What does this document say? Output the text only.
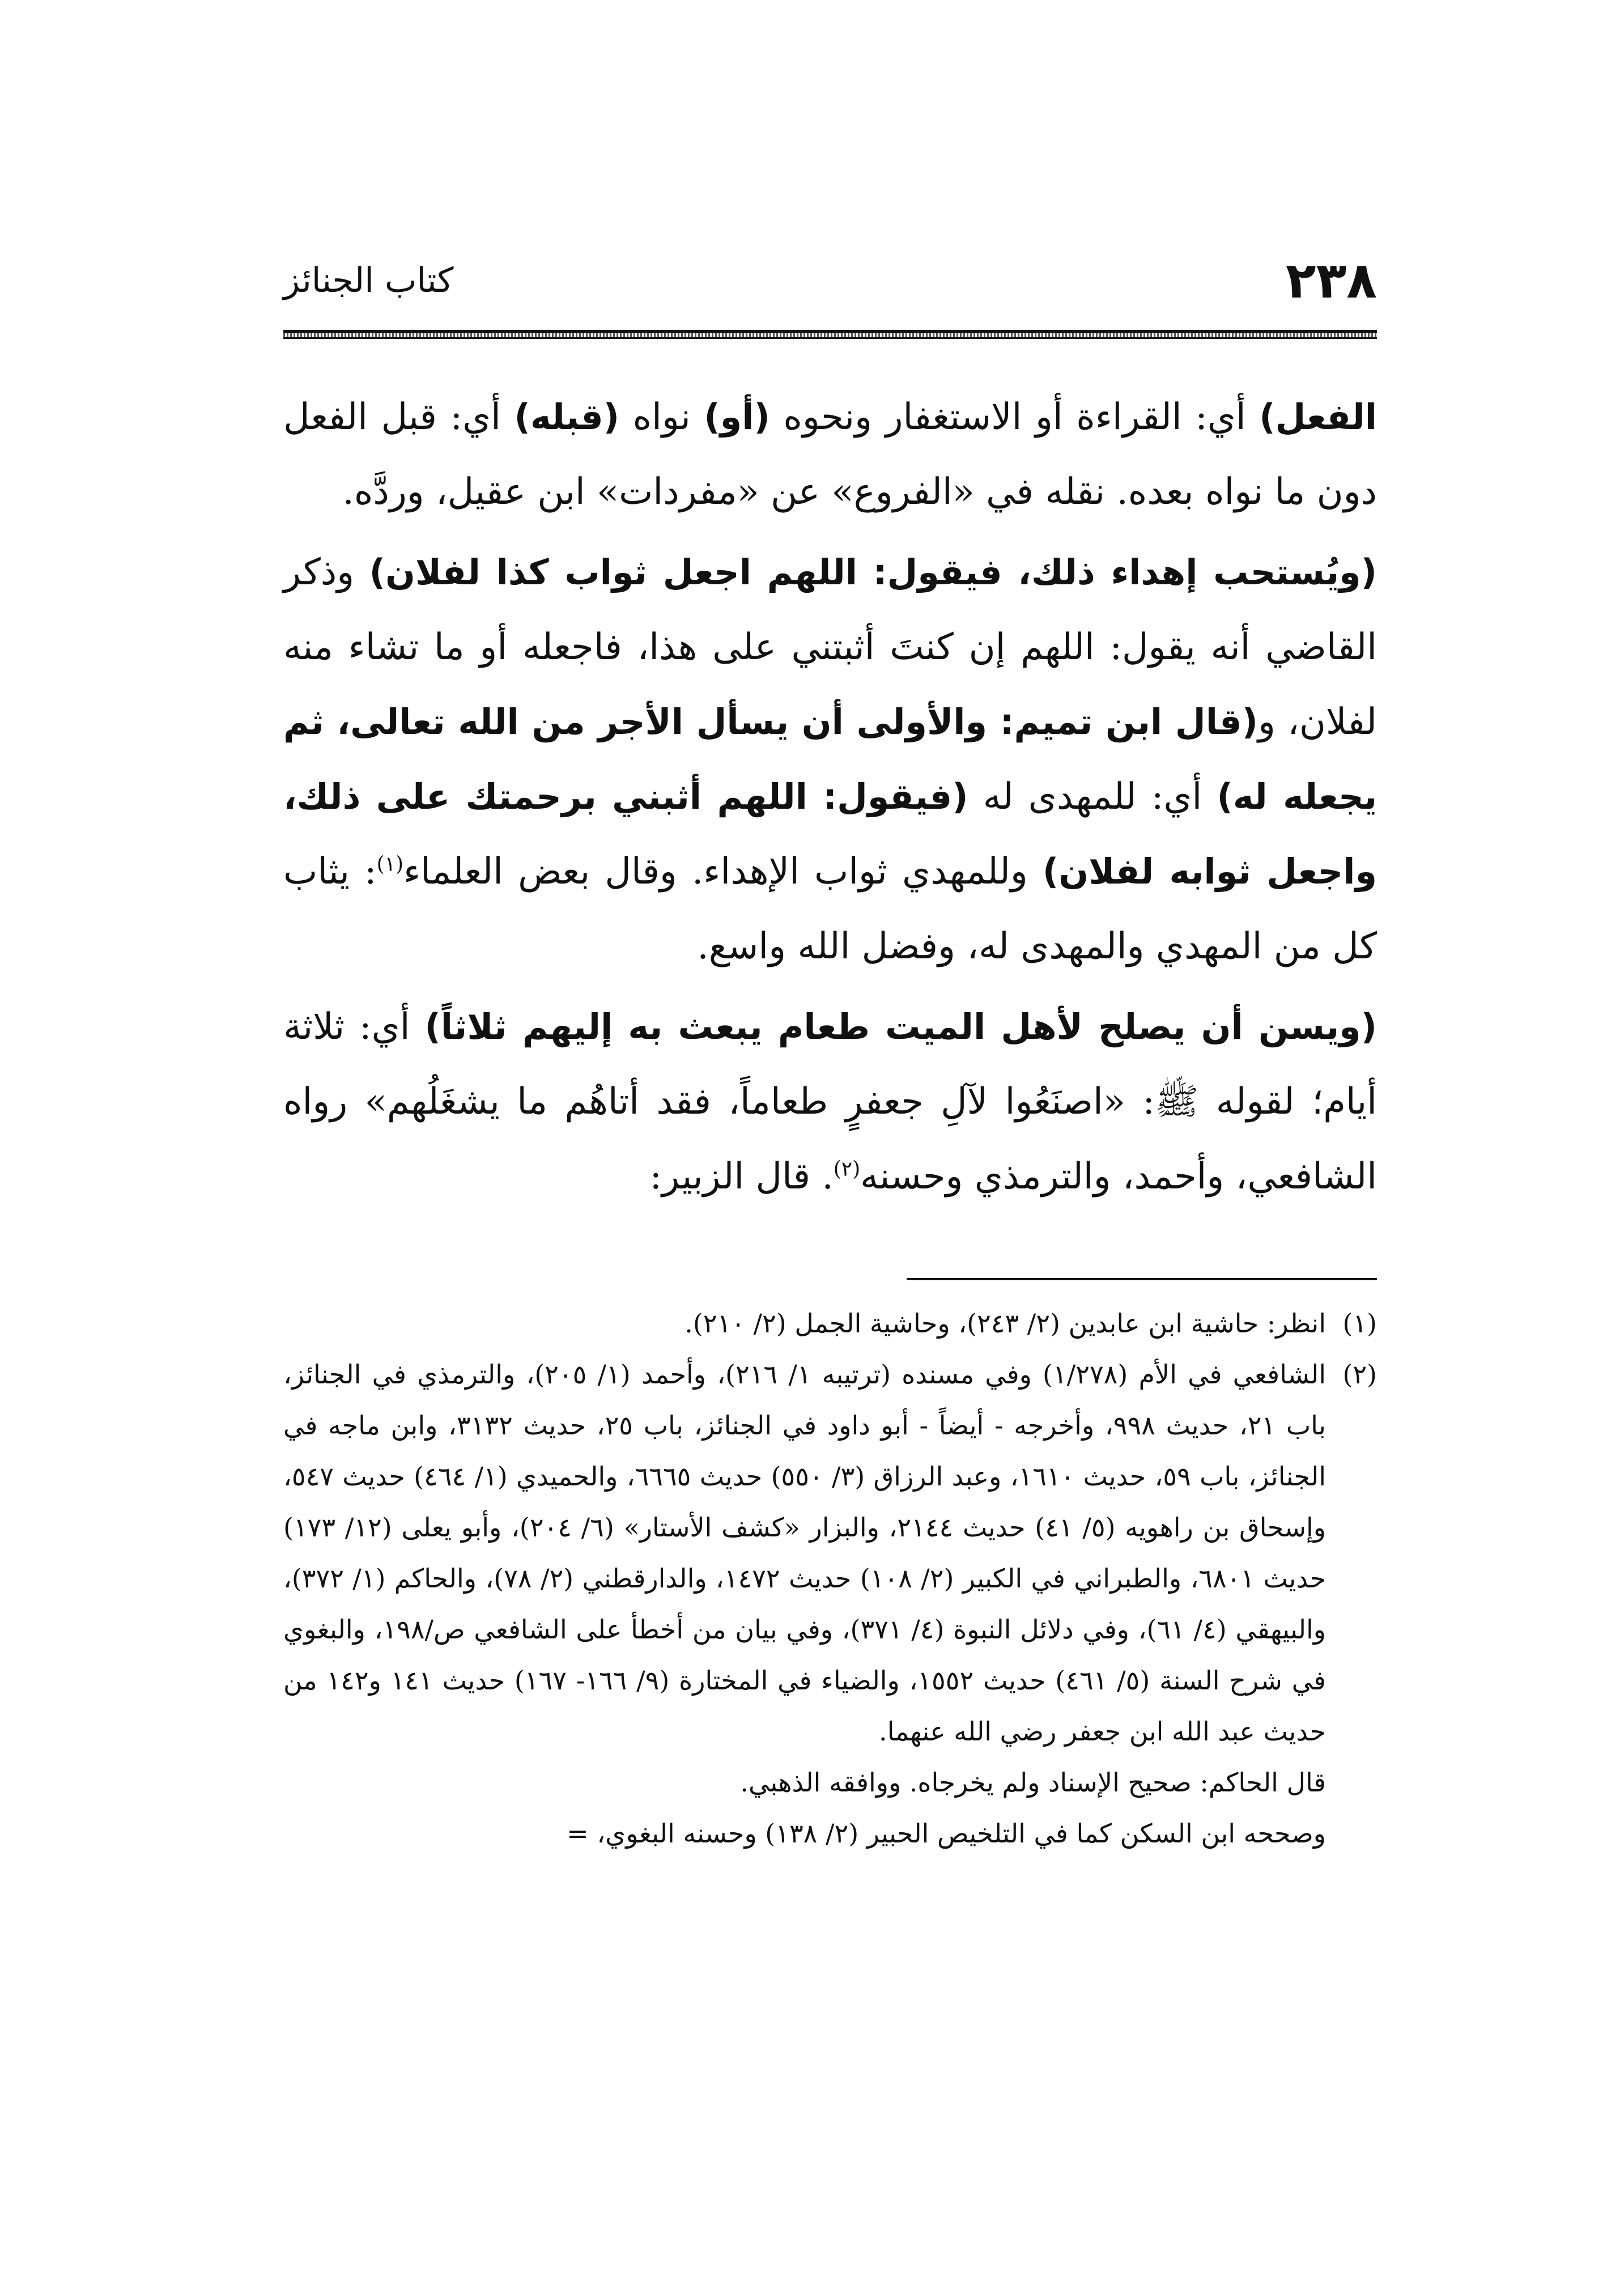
٢٣٨
كتاب الجنائز

الفعل) أي: القراءة أو الاستغفار ونحوه (أو) نواه (قبله) أي: قبل الفعل دون ما نواه بعده. نقله في «الفروع» عن «مفردات» ابن عقيل، وردَّه.

(ويُستحب إهداء ذلك، فيقول: اللهم اجعل ثواب كذا لفلان) وذكر القاضي أنه يقول: اللهم إن كنتَ أثبتني على هذا، فاجعله أو ما تشاء منه لفلان، و(قال ابن تميم: والأولى أن يسأل الأجر من الله تعالى، ثم يجعله له) أي: للمهدى له (فيقول: اللهم أثبني برحمتك على ذلك، واجعل ثوابه لفلان) وللمهدي ثواب الإهداء. وقال بعض العلماء$^{(١)}$: يثاب كل من المهدي والمهدى له، وفضل الله واسع.

(ويسن أن يصلح لأهل الميت طعام يبعث به إليهم ثلاثاً) أي: ثلاثة أيام؛ لقوله ﷺ: «اصنَعُوا لآلِ جعفرٍ طعاماً، فقد أتاهُم ما يشغَلُهم» رواه الشافعي، وأحمد، والترمذي وحسنه$^{(٢)}$. قال الزبير:

(١)
انظر: حاشية ابن عابدين (٢/ ٢٤٣)، وحاشية الجمل (٢/ ٢١٠).

(٢)
الشافعي في الأم (١/٢٧٨) وفي مسنده (ترتيبه ١/ ٢١٦)، وأحمد (١/ ٢٠٥)، والترمذي في الجنائز، باب ٢١، حديث ٩٩٨، وأخرجه - أيضاً - أبو داود في الجنائز، باب ٢٥، حديث ٣١٣٢، وابن ماجه في الجنائز، باب ٥٩، حديث ١٦١٠، وعبد الرزاق (٣/ ٥٥٠) حديث ٦٦٦٥، والحميدي (١/ ٤٦٤) حديث ٥٤٧، وإسحاق بن راهويه (٥/ ٤١) حديث ٢١٤٤، والبزار «كشف الأستار» (٦/ ٢٠٤)، وأبو يعلى (١٢/ ١٧٣) حديث ٦٨٠١، والطبراني في الكبير (٢/ ١٠٨) حديث ١٤٧٢، والدارقطني (٢/ ٧٨)، والحاكم (١/ ٣٧٢)، والبيهقي (٤/ ٦١)، وفي دلائل النبوة (٤/ ٣٧١)، وفي بيان من أخطأ على الشافعي ص/١٩٨، والبغوي في شرح السنة (٥/ ٤٦١) حديث ١٥٥٢، والضياء في المختارة (٩/ ١٦٦- ١٦٧) حديث ١٤١ و١٤٢ من حديث عبد الله ابن جعفر رضي الله عنهما.

قال الحاكم: صحيح الإسناد ولم يخرجاه. ووافقه الذهبي.

وصححه ابن السكن كما في التلخيص الحبير (٢/ ١٣٨) وحسنه البغوي، =
